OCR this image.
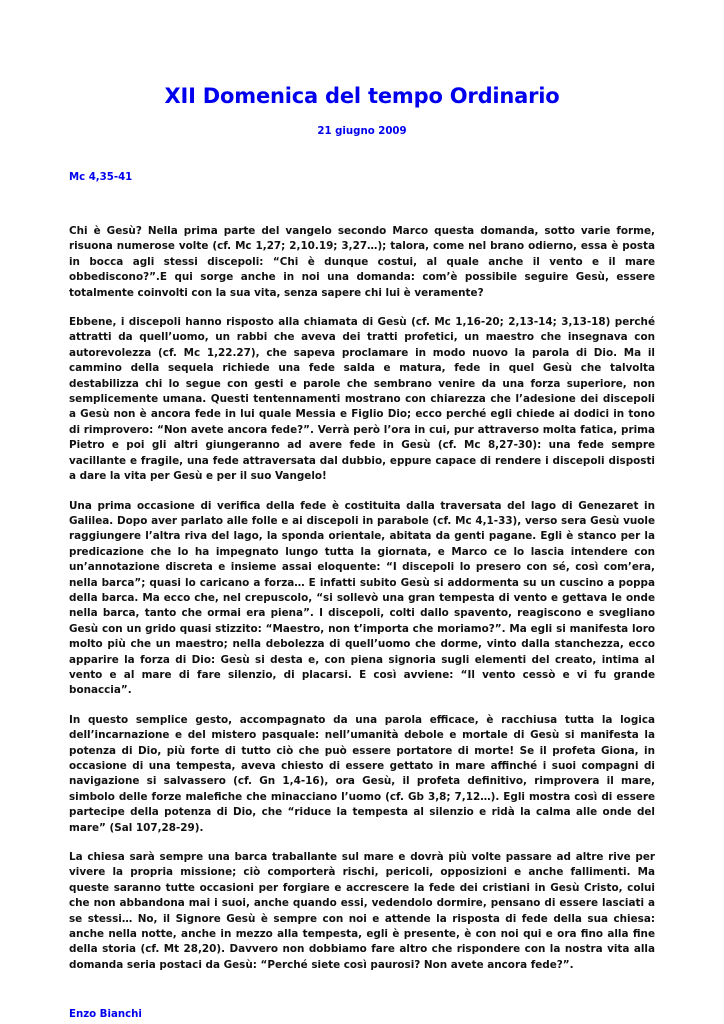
XII Domenica del tempo Ordinario
21 giugno 2009
Mc 4,35-41

Chi è Gesù? Nella prima parte del vangelo secondo Marco questa domanda, sotto varie forme, risuona numerose volte (cf. Mc 1,27; 2,10.19; 3,27…); talora, come nel brano odierno, essa è posta in bocca agli stessi discepoli: “Chi è dunque costui, al quale anche il vento e il mare obbediscono?”.E qui sorge anche in noi una domanda: com’è possibile seguire Gesù, essere totalmente coinvolti con la sua vita, senza sapere chi lui è veramente?

Ebbene, i discepoli hanno risposto alla chiamata di Gesù (cf. Mc 1,16-20; 2,13-14; 3,13-18) perché attratti da quell’uomo, un rabbi che aveva dei tratti profetici, un maestro che insegnava con autorevolezza (cf. Mc 1,22.27), che sapeva proclamare in modo nuovo la parola di Dio. Ma il cammino della sequela richiede una fede salda e matura, fede in quel Gesù che talvolta destabilizza chi lo segue con gesti e parole che sembrano venire da una forza superiore, non semplicemente umana. Questi tentennamenti mostrano con chiarezza che l’adesione dei discepoli a Gesù non è ancora fede in lui quale Messia e Figlio Dio; ecco perché egli chiede ai dodici in tono di rimprovero: “Non avete ancora fede?”. Verrà però l’ora in cui, pur attraverso molta fatica, prima Pietro e poi gli altri giungeranno ad avere fede in Gesù (cf. Mc 8,27-30): una fede sempre vacillante e fragile, una fede attraversata dal dubbio, eppure capace di rendere i discepoli disposti a dare la vita per Gesù e per il suo Vangelo!

Una prima occasione di verifica della fede è costituita dalla traversata del lago di Genezaret in Galilea. Dopo aver parlato alle folle e ai discepoli in parabole (cf. Mc 4,1-33), verso sera Gesù vuole raggiungere l’altra riva del lago, la sponda orientale, abitata da genti pagane. Egli è stanco per la predicazione che lo ha impegnato lungo tutta la giornata, e Marco ce lo lascia intendere con un’annotazione discreta e insieme assai eloquente: “I discepoli lo presero con sé, così com’era, nella barca”; quasi lo caricano a forza… E infatti subito Gesù si addormenta su un cuscino a poppa della barca. Ma ecco che, nel crepuscolo, “si sollevò una gran tempesta di vento e gettava le onde nella barca, tanto che ormai era piena”. I discepoli, colti dallo spavento, reagiscono e svegliano Gesù con un grido quasi stizzito: “Maestro, non t’importa che moriamo?”. Ma egli si manifesta loro molto più che un maestro; nella debolezza di quell’uomo che dorme, vinto dalla stanchezza, ecco apparire la forza di Dio: Gesù si desta e, con piena signoria sugli elementi del creato, intima al vento e al mare di fare silenzio, di placarsi. E così avviene: “Il vento cessò e vi fu grande bonaccia”.

In questo semplice gesto, accompagnato da una parola efficace, è racchiusa tutta la logica dell’incarnazione e del mistero pasquale: nell’umanità debole e mortale di Gesù si manifesta la potenza di Dio, più forte di tutto ciò che può essere portatore di morte! Se il profeta Giona, in occasione di una tempesta, aveva chiesto di essere gettato in mare affinché i suoi compagni di navigazione si salvassero (cf. Gn 1,4-16), ora Gesù, il profeta definitivo, rimprovera il mare, simbolo delle forze malefiche che minacciano l’uomo (cf. Gb 3,8; 7,12…). Egli mostra così di essere partecipe della potenza di Dio, che “riduce la tempesta al silenzio e ridà la calma alle onde del mare” (Sal 107,28-29).

La chiesa sarà sempre una barca traballante sul mare e dovrà più volte passare ad altre rive per vivere la propria missione; ciò comporterà rischi, pericoli, opposizioni e anche fallimenti. Ma queste saranno tutte occasioni per forgiare e accrescere la fede dei cristiani in Gesù Cristo, colui che non abbandona mai i suoi, anche quando essi, vedendolo dormire, pensano di essere lasciati a se stessi… No, il Signore Gesù è sempre con noi e attende la risposta di fede della sua chiesa: anche nella notte, anche in mezzo alla tempesta, egli è presente, è con noi qui e ora fino alla fine della storia (cf. Mt 28,20). Davvero non dobbiamo fare altro che rispondere con la nostra vita alla domanda seria postaci da Gesù: “Perché siete così paurosi? Non avete ancora fede?”.

Enzo Bianchi
